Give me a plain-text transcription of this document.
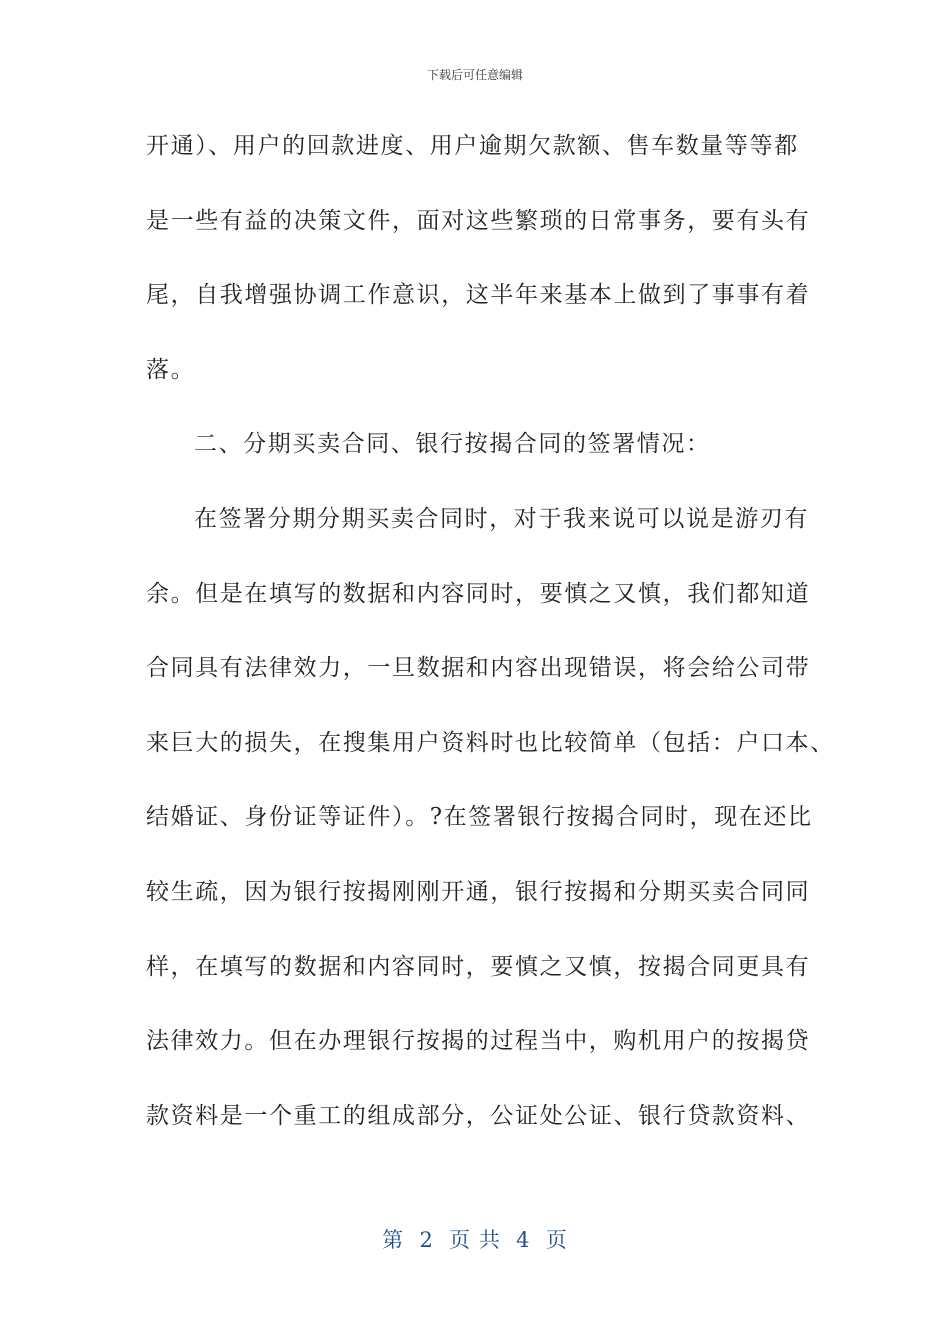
下载后可任意编辑
开通）、用户的回款进度、用户逾期欠款额、售车数量等等都
是一些有益的决策文件，面对这些繁琐的日常事务，要有头有
尾，自我增强协调工作意识，这半年来基本上做到了事事有着
落。
二、分期买卖合同、银行按揭合同的签署情况：
在签署分期分期买卖合同时，对于我来说可以说是游刃有
余。但是在填写的数据和内容同时，要慎之又慎，我们都知道
合同具有法律效力，一旦数据和内容出现错误，将会给公司带
来巨大的损失，在搜集用户资料时也比较简单（包括：户口本、
结婚证、身份证等证件）。?在签署银行按揭合同时，现在还比
较生疏，因为银行按揭刚刚开通，银行按揭和分期买卖合同同
样，在填写的数据和内容同时，要慎之又慎，按揭合同更具有
法律效力。但在办理银行按揭的过程当中，购机用户的按揭贷
款资料是一个重工的组成部分，公证处公证、银行贷款资料、
第  2  页 共  4  页
